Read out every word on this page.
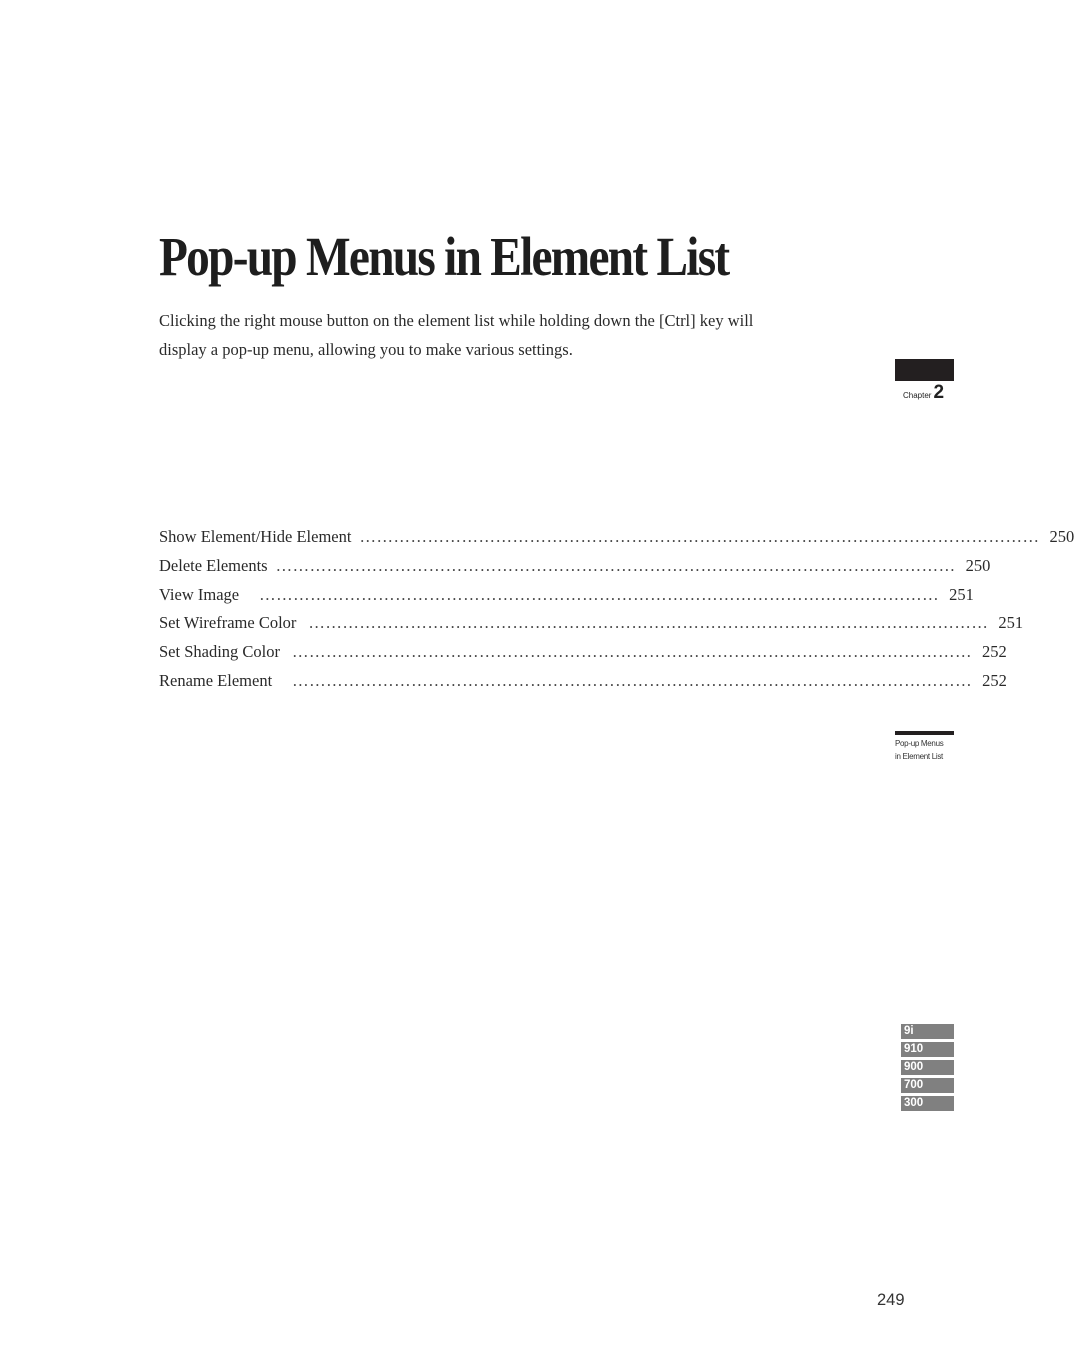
Pop-up Menus in Element List

Clicking the right mouse button on the element list while holding down the [Ctrl] key will display a pop-up menu, allowing you to make various settings.

Show Element/Hide Element ………………………………………………………………………………………………………… 250
Delete Elements ………………………………………………………………………………………………………… 250
View Image ………………………………………………………………………………………………………… 251
Set Wireframe Color ………………………………………………………………………………………………………… 251
Set Shading Color ………………………………………………………………………………………………………… 252
Rename Element ………………………………………………………………………………………………………… 252
Chapter 2
Pop-up Menus
in Element List
9i
910
900
700
300
249
